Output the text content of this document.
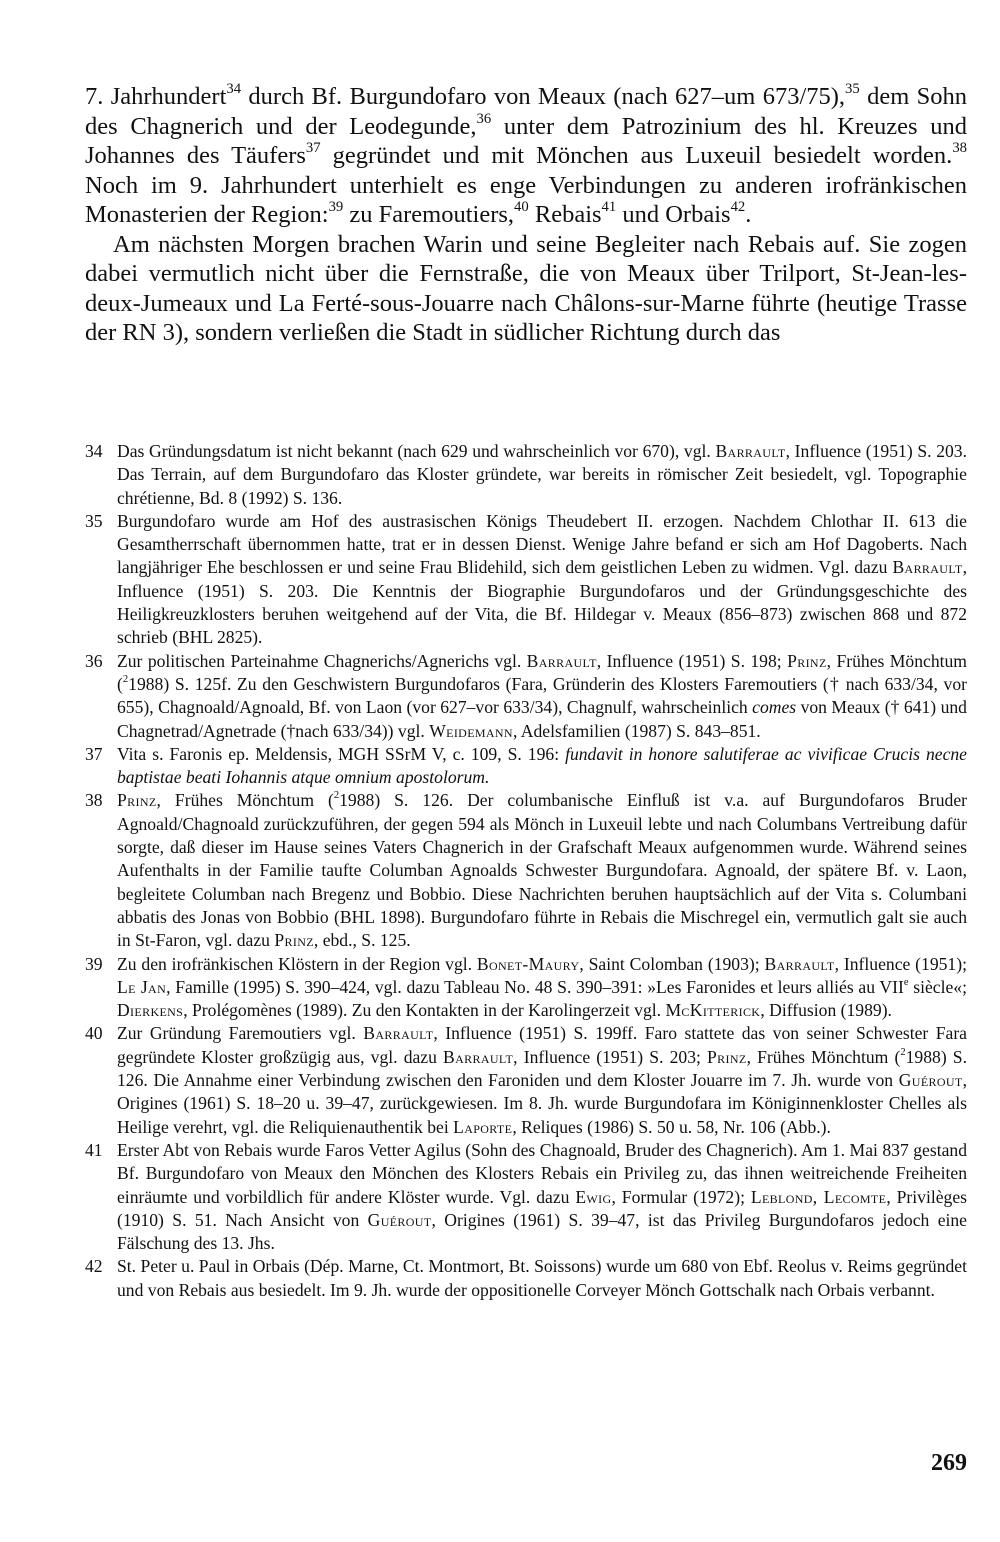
7. Jahrhundert$^{34}$ durch Bf. Burgundofaro von Meaux (nach 627–um 673/75),$^{35}$ dem Sohn des Chagnerich und der Leodegunde,$^{36}$ unter dem Patrozinium des hl. Kreuzes und Johannes des Täufers$^{37}$ gegründet und mit Mönchen aus Luxeuil besiedelt worden.$^{38}$ Noch im 9. Jahrhundert unterhielt es enge Verbindungen zu anderen irofränkischen Monasterien der Region:$^{39}$ zu Faremoutiers,$^{40}$ Rebais$^{41}$ und Orbais$^{42}$.

Am nächsten Morgen brachen Warin und seine Begleiter nach Rebais auf. Sie zogen dabei vermutlich nicht über die Fernstraße, die von Meaux über Trilport, St-Jean-les-deux-Jumeaux und La Ferté-sous-Jouarre nach Châlons-sur-Marne führte (heutige Trasse der RN 3), sondern verließen die Stadt in südlicher Richtung durch das

34 Das Gründungsdatum ist nicht bekannt (nach 629 und wahrscheinlich vor 670), vgl. Barrault, Influence (1951) S. 203. Das Terrain, auf dem Burgundofaro das Kloster gründete, war bereits in römischer Zeit besiedelt, vgl. Topographie chrétienne, Bd. 8 (1992) S. 136.
35 Burgundofaro wurde am Hof des austrasischen Königs Theudebert II. erzogen. Nachdem Chlothar II. 613 die Gesamtherrschaft übernommen hatte, trat er in dessen Dienst. Wenige Jahre befand er sich am Hof Dagoberts. Nach langjähriger Ehe beschlossen er und seine Frau Blidehild, sich dem geistlichen Leben zu widmen. Vgl. dazu Barrault, Influence (1951) S. 203. Die Kenntnis der Biographie Burgundofaros und der Gründungsgeschichte des Heiligkreuzklosters beruhen weitgehend auf der Vita, die Bf. Hildegar v. Meaux (856–873) zwischen 868 und 872 schrieb (BHL 2825).
36 Zur politischen Parteinahme Chagnerichs/Agnerichs vgl. Barrault, Influence (1951) S. 198; Prinz, Frühes Mönchtum ($^2$1988) S. 125f. Zu den Geschwistern Burgundofaros (Fara, Gründerin des Klosters Faremoutiers († nach 633/34, vor 655), Chagnoald/Agnoald, Bf. von Laon (vor 627–vor 633/34), Chagnulf, wahrscheinlich comes von Meaux († 641) und Chagnetrad/Agnetrade (†nach 633/34)) vgl. Weidemann, Adelsfamilien (1987) S. 843–851.
37 Vita s. Faronis ep. Meldensis, MGH SSrM V, c. 109, S. 196: fundavit in honore salutiferae ac vivificae Crucis necne baptistae beati Iohannis atque omnium apostolorum.
38 Prinz, Frühes Mönchtum ($^2$1988) S. 126. Der columbanische Einfluß ist v.a. auf Burgundofaros Bruder Agnoald/Chagnoald zurückzuführen, der gegen 594 als Mönch in Luxeuil lebte und nach Columbans Vertreibung dafür sorgte, daß dieser im Hause seines Vaters Chagnerich in der Grafschaft Meaux aufgenommen wurde. Während seines Aufenthalts in der Familie taufte Columban Agnoalds Schwester Burgundofara. Agnoald, der spätere Bf. v. Laon, begleitete Columban nach Bregenz und Bobbio. Diese Nachrichten beruhen hauptsächlich auf der Vita s. Columbani abbatis des Jonas von Bobbio (BHL 1898). Burgundofaro führte in Rebais die Mischregel ein, vermutlich galt sie auch in St-Faron, vgl. dazu Prinz, ebd., S. 125.
39 Zu den irofränkischen Klöstern in der Region vgl. Bonet-Maury, Saint Colomban (1903); Barrault, Influence (1951); Le Jan, Famille (1995) S. 390–424, vgl. dazu Tableau No. 48 S. 390–391: »Les Faronides et leurs alliés au VIIe siècle«; Dierkens, Prolégomènes (1989). Zu den Kontakten in der Karolingerzeit vgl. McKitterick, Diffusion (1989).
40 Zur Gründung Faremoutiers vgl. Barrault, Influence (1951) S. 199ff. Faro stattete das von seiner Schwester Fara gegründete Kloster großzügig aus, vgl. dazu Barrault, Influence (1951) S. 203; Prinz, Frühes Mönchtum ($^2$1988) S. 126. Die Annahme einer Verbindung zwischen den Faroniden und dem Kloster Jouarre im 7. Jh. wurde von Guérout, Origines (1961) S. 18–20 u. 39–47, zurückgewiesen. Im 8. Jh. wurde Burgundofara im Königinnenkloster Chelles als Heilige verehrt, vgl. die Reliquienauthentik bei Laporte, Reliques (1986) S. 50 u. 58, Nr. 106 (Abb.).
41 Erster Abt von Rebais wurde Faros Vetter Agilus (Sohn des Chagnoald, Bruder des Chagnerich). Am 1. Mai 837 gestand Bf. Burgundofaro von Meaux den Mönchen des Klosters Rebais ein Privileg zu, das ihnen weitreichende Freiheiten einräumte und vorbildlich für andere Klöster wurde. Vgl. dazu Ewig, Formular (1972); Leblond, Lecomte, Privilèges (1910) S. 51. Nach Ansicht von Guérout, Origines (1961) S. 39–47, ist das Privileg Burgundofaros jedoch eine Fälschung des 13. Jhs.
42 St. Peter u. Paul in Orbais (Dép. Marne, Ct. Montmort, Bt. Soissons) wurde um 680 von Ebf. Reolus v. Reims gegründet und von Rebais aus besiedelt. Im 9. Jh. wurde der oppositionelle Corveyer Mönch Gottschalk nach Orbais verbannt.
269
